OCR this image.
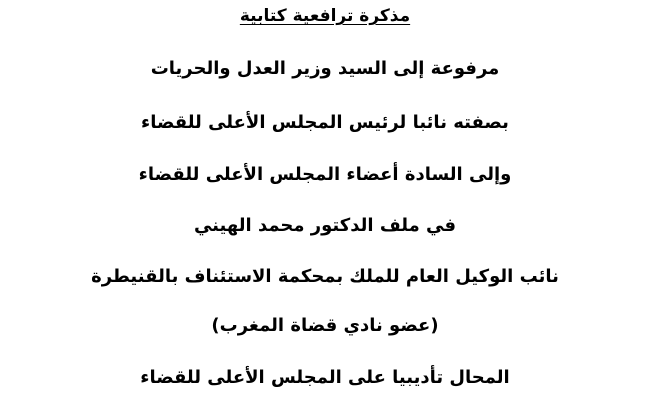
مذكرة ترافعية كتابية
مرفوعة إلى السيد وزير العدل والحريات
بصفته نائبا لرئيس المجلس الأعلى للقضاء
وإلى السادة أعضاء المجلس الأعلى للقضاء
في ملف الدكتور محمد الهيني
نائب الوكيل العام للملك بمحكمة الاستئناف بالقنيطرة
(عضو نادي قضاة المغرب)
المحال تأديبيا على المجلس الأعلى للقضاء
